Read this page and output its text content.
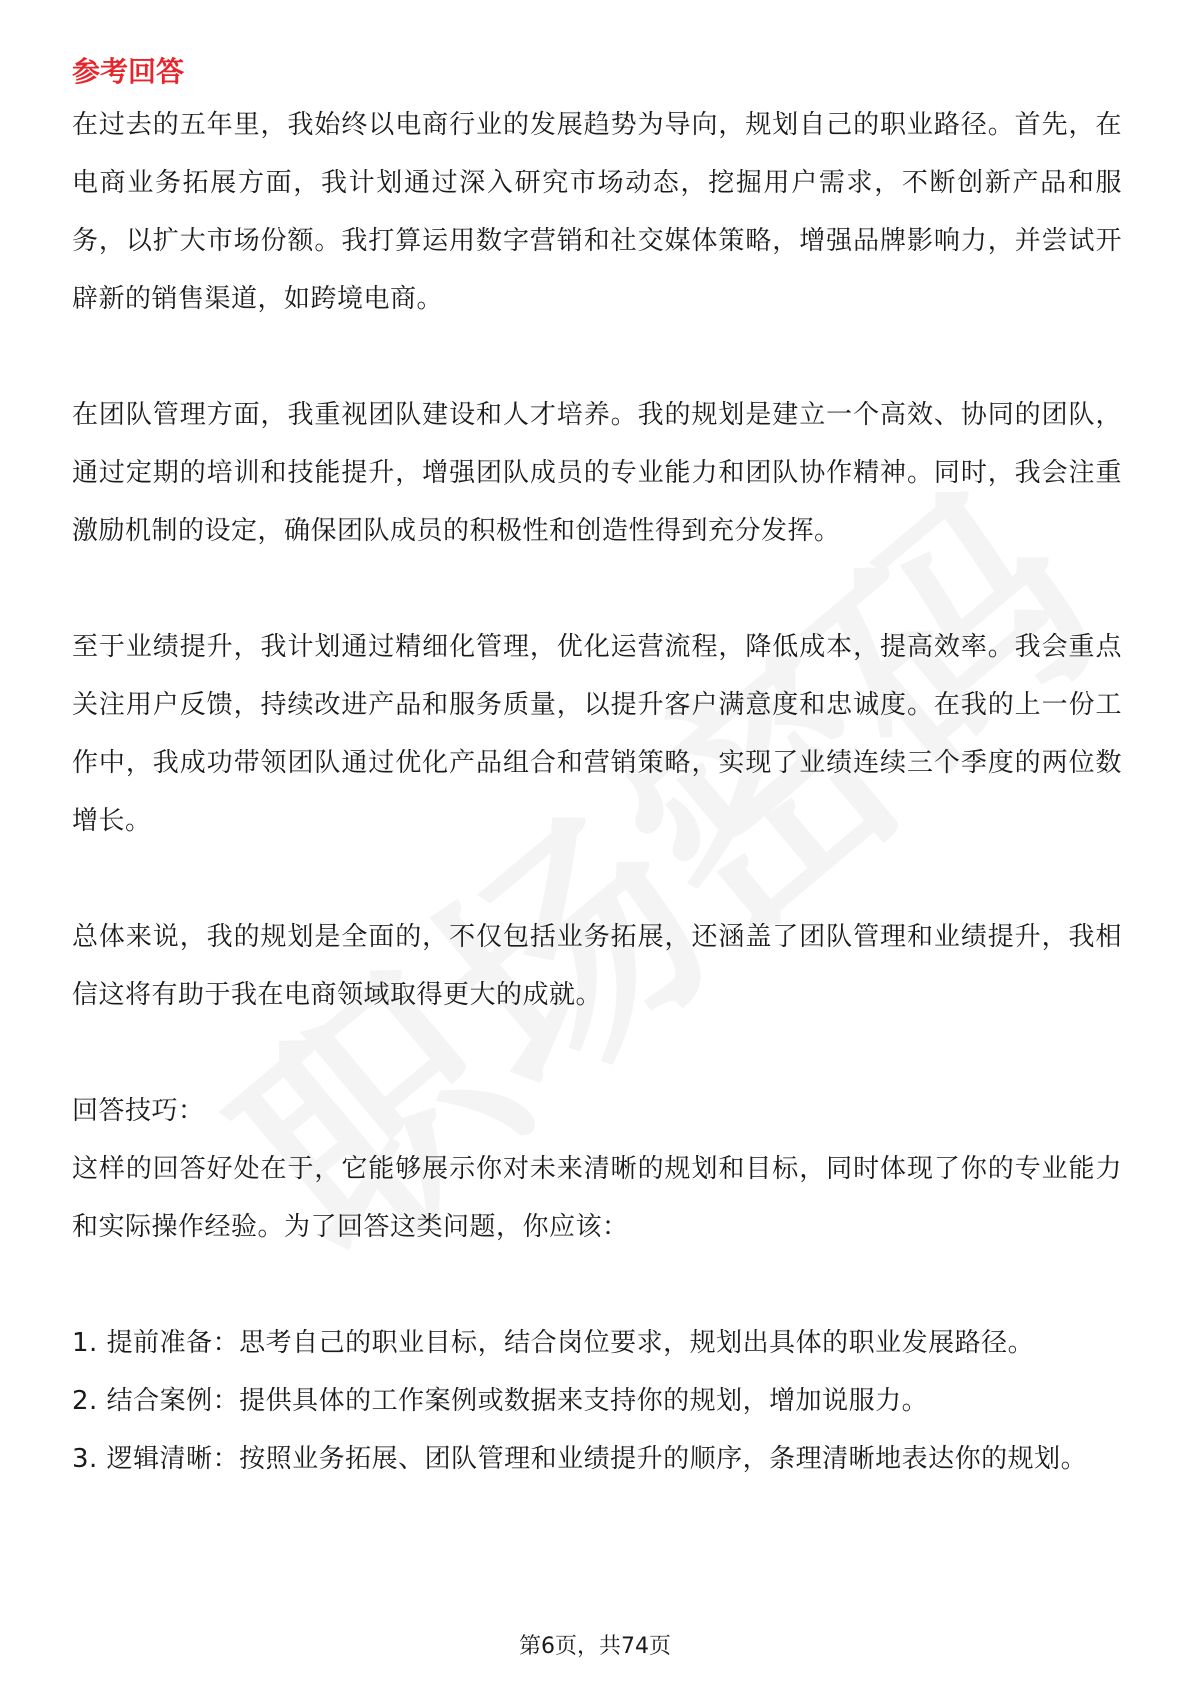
参考回答

在过去的五年里，我始终以电商行业的发展趋势为导向，规划自己的职业路径。首先，在电商业务拓展方面，我计划通过深入研究市场动态，挖掘用户需求，不断创新产品和服务，以扩大市场份额。我打算运用数字营销和社交媒体策略，增强品牌影响力，并尝试开辟新的销售渠道，如跨境电商。

在团队管理方面，我重视团队建设和人才培养。我的规划是建立一个高效、协同的团队，通过定期的培训和技能提升，增强团队成员的专业能力和团队协作精神。同时，我会注重激励机制的设定，确保团队成员的积极性和创造性得到充分发挥。

至于业绩提升，我计划通过精细化管理，优化运营流程，降低成本，提高效率。我会重点关注用户反馈，持续改进产品和服务质量，以提升客户满意度和忠诚度。在我的上一份工作中，我成功带领团队通过优化产品组合和营销策略，实现了业绩连续三个季度的两位数增长。

总体来说，我的规划是全面的，不仅包括业务拓展，还涵盖了团队管理和业绩提升，我相信这将有助于我在电商领域取得更大的成就。

回答技巧：

这样的回答好处在于，它能够展示你对未来清晰的规划和目标，同时体现了你的专业能力和实际操作经验。为了回答这类问题，你应该：

1. 提前准备：思考自己的职业目标，结合岗位要求，规划出具体的职业发展路径。

2. 结合案例：提供具体的工作案例或数据来支持你的规划，增加说服力。

3. 逻辑清晰：按照业务拓展、团队管理和业绩提升的顺序，条理清晰地表达你的规划。

第6页，共74页
